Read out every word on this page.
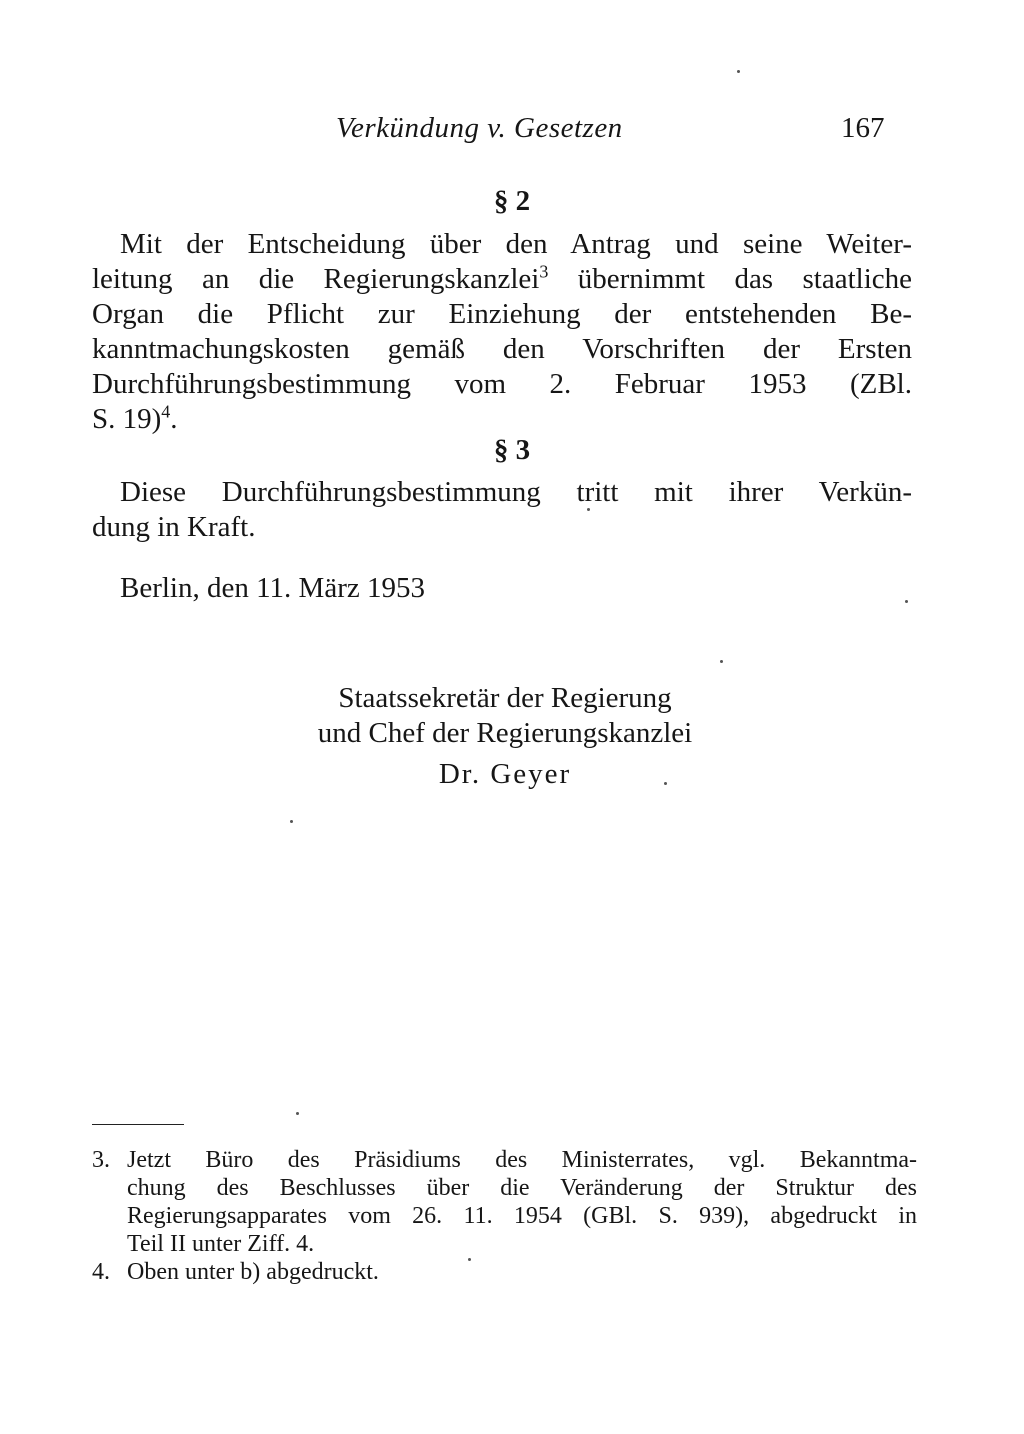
Verkündung v. Gesetzen	167
§ 2
Mit der Entscheidung über den Antrag und seine Weiter-
leitung an die Regierungskanzlei$^3$ übernimmt das staatliche
Organ die Pflicht zur Einziehung der entstehenden Be-
kanntmachungskosten gemäß den Vorschriften der Ersten
Durchführungsbestimmung vom 2. Februar 1953 (ZBl.
S. 19)$^4$.
§ 3
Diese Durchführungsbestimmung tritt mit ihrer Verkün-
dung in Kraft.
Berlin, den 11. März 1953
Staatssekretär der Regierung
und Chef der Regierungskanzlei
Dr. Geyer
3. Jetzt Büro des Präsidiums des Ministerrates, vgl. Bekanntma-
chung des Beschlusses über die Veränderung der Struktur des
Regierungsapparates vom 26. 11. 1954 (GBl. S. 939), abgedruckt in
Teil II unter Ziff. 4.
4. Oben unter b) abgedruckt.
